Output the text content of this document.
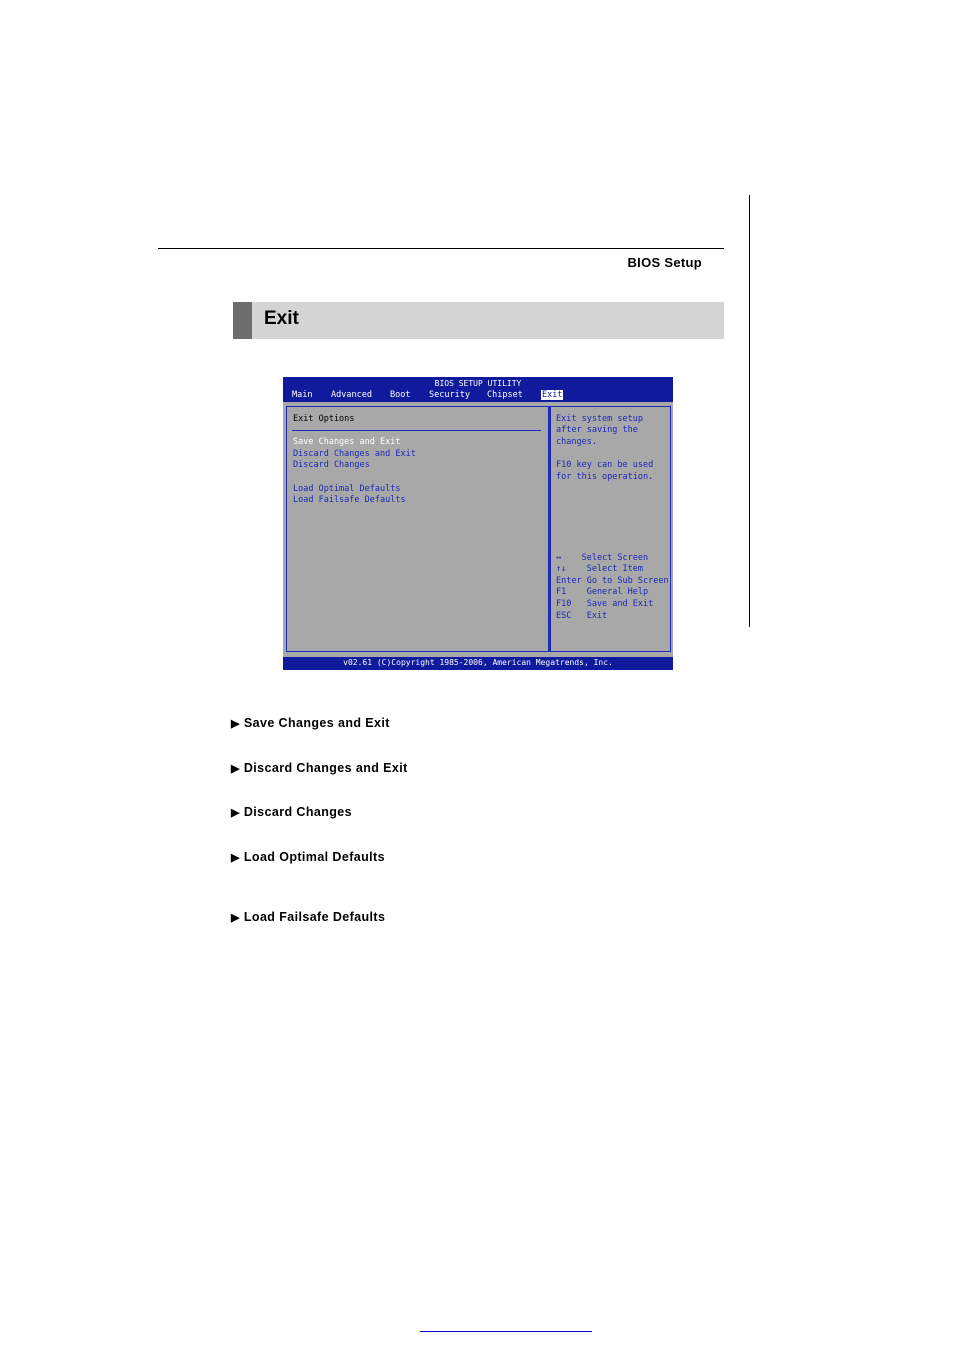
BIOS Setup
Exit
BIOS SETUP UTILITY
Main Advanced Boot Security Chipset Exit
Exit Options
Save Changes and Exit
Discard Changes and Exit
Discard Changes
Load Optimal Defaults
Load Failsafe Defaults
Exit system setup
after saving the
changes.
F10 key can be used
for this operation.
↔    Select Screen
↑↓    Select Item
Enter Go to Sub Screen
F1    General Help
F10   Save and Exit
ESC   Exit
v02.61 (C)Copyright 1985-2006, American Megatrends, Inc.
▶ Save Changes and Exit
▶ Discard Changes and Exit
▶ Discard Changes
▶ Load Optimal Defaults
▶ Load Failsafe Defaults
